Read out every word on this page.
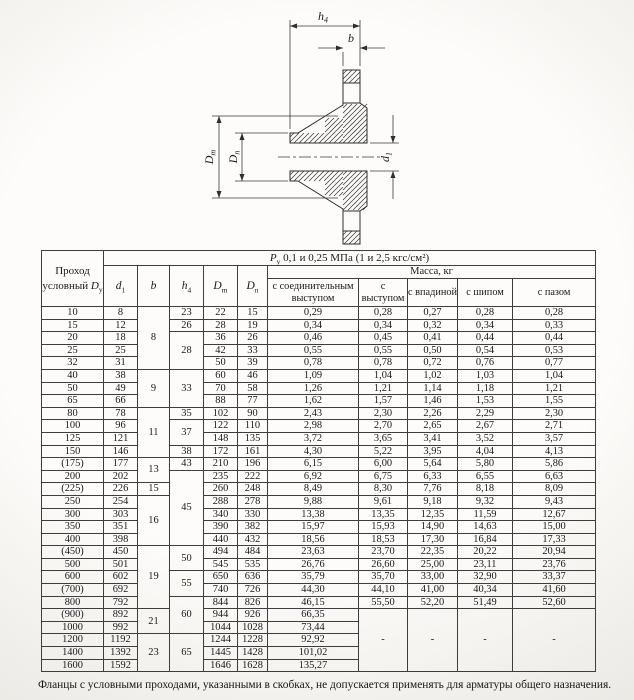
$h_4$
b
$D_m$
$D_n$
$d_1$
Проход условный $D_у$	$P_у$ 0,1 и 0,25 МПа (1 и 2,5 кгс/см²)									
	$d_1$	b	$h_4$	$D_m$	$D_n$	Масса, кг				
						с соединительным выступом	с выступом	с впадиной	с шипом	с пазом
10	8	8	23	22	15	0,29	0,28	0,27	0,28	0,28
15	12		26	28	19	0,34	0,34	0,32	0,34	0,33
20	18		28	36	26	0,46	0,45	0,41	0,44	0,44
25	25			42	33	0,55	0,55	0,50	0,54	0,53
32	31			50	39	0,78	0,78	0,72	0,76	0,77
40	38	9	33	60	46	1,09	1,04	1,02	1,03	1,04
50	49			70	58	1,26	1,21	1,14	1,18	1,21
65	66			88	77	1,62	1,57	1,46	1,53	1,55
80	78	11	35	102	90	2,43	2,30	2,26	2,29	2,30
100	96		37	122	110	2,98	2,70	2,65	2,67	2,71
125	121			148	135	3,72	3,65	3,41	3,52	3,57
150	146		38	172	161	4,30	5,22	3,95	4,04	4,13
(175)	177	13	43	210	196	6,15	6,00	5,64	5,80	5,86
200	202		45	235	222	6,92	6,75	6,33	6,55	6,63
(225)	226	15		260	248	8,49	8,30	7,76	8,18	8,09
250	254	16		288	278	9,88	9,61	9,18	9,32	9,43
300	303			340	330	13,38	13,35	12,35	11,59	12,67
350	351			390	382	15,97	15,93	14,90	14,63	15,00
400	398			440	432	18,56	18,53	17,30	16,84	17,33
(450)	450	19	50	494	484	23,63	23,70	22,35	20,22	20,94
500	501			545	535	26,76	26,60	25,00	23,11	23,76
600	602		55	650	636	35,79	35,70	33,00	32,90	33,37
(700)	692			740	726	44,30	44,10	41,00	40,34	41,60
800	792		60	844	826	46,15	55,50	52,20	51,49	52,60
(900)	892	21		944	926	66,35	-	-	-	-
1000	992			1044	1028	73,44				
1200	1192	23	65	1244	1228	92,92				
1400	1392			1445	1428	101,02				
1600	1592			1646	1628	135,27				
Фланцы с условными проходами, указанными в скобках, не допускается применять для арматуры общего назначения.
